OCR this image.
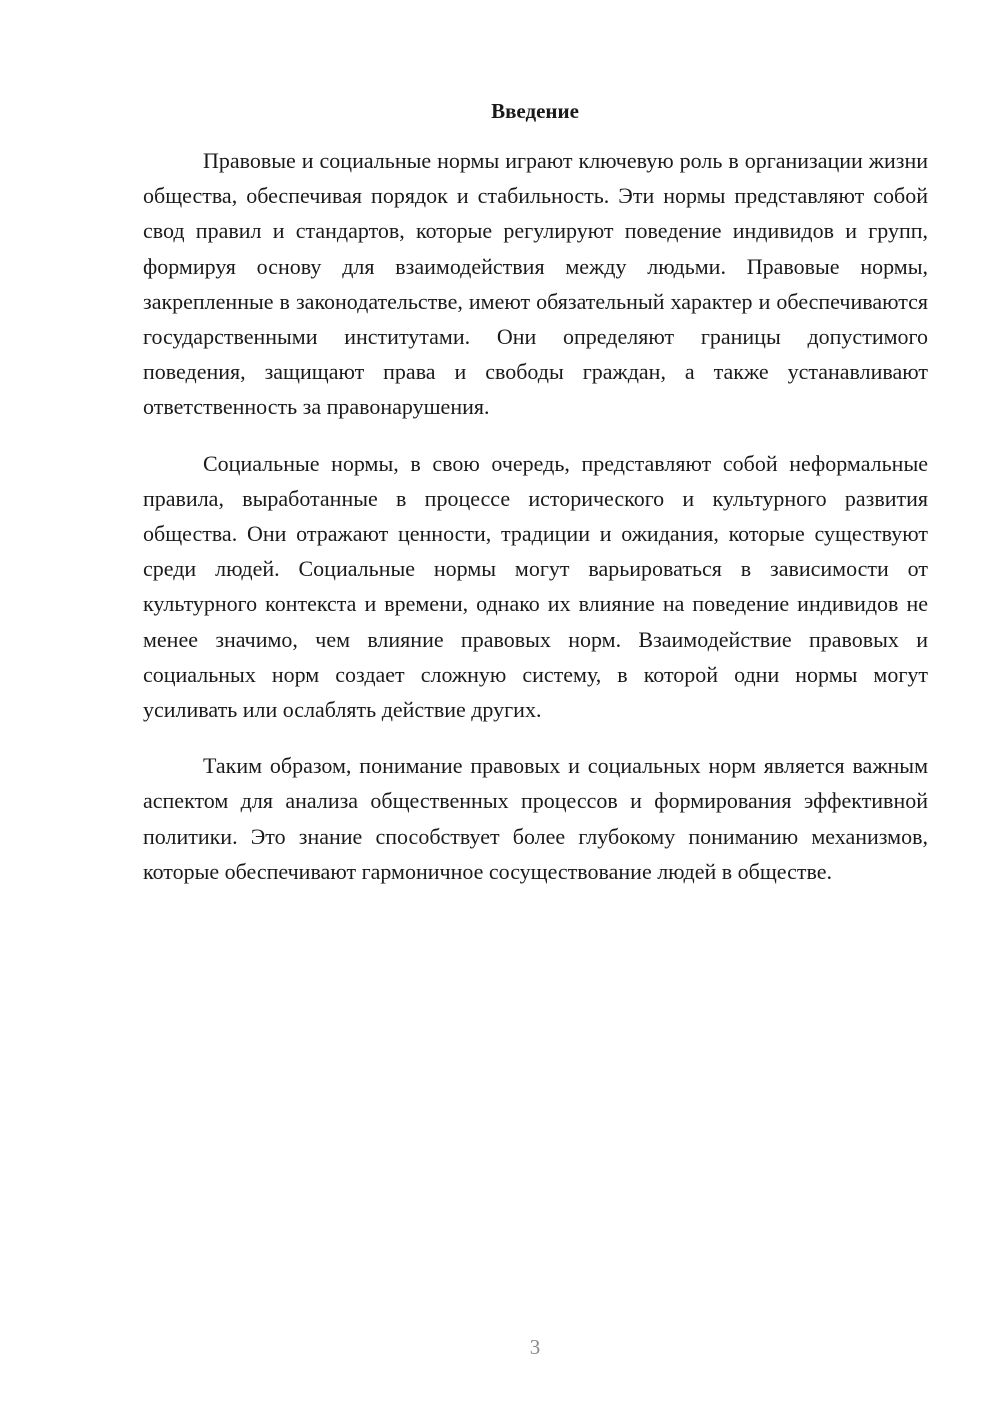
Введение

Правовые и социальные нормы играют ключевую роль в организации жизни общества, обеспечивая порядок и стабильность. Эти нормы представляют собой свод правил и стандартов, которые регулируют поведение индивидов и групп, формируя основу для взаимодействия между людьми. Правовые нормы, закрепленные в законодательстве, имеют обязательный характер и обеспечиваются государственными институтами. Они определяют границы допустимого поведения, защищают права и свободы граждан, а также устанавливают ответственность за правонарушения.

Социальные нормы, в свою очередь, представляют собой неформальные правила, выработанные в процессе исторического и культурного развития общества. Они отражают ценности, традиции и ожидания, которые существуют среди людей. Социальные нормы могут варьироваться в зависимости от культурного контекста и времени, однако их влияние на поведение индивидов не менее значимо, чем влияние правовых норм. Взаимодействие правовых и социальных норм создает сложную систему, в которой одни нормы могут усиливать или ослаблять действие других.

Таким образом, понимание правовых и социальных норм является важным аспектом для анализа общественных процессов и формирования эффективной политики. Это знание способствует более глубокому пониманию механизмов, которые обеспечивают гармоничное сосуществование людей в обществе.

3
